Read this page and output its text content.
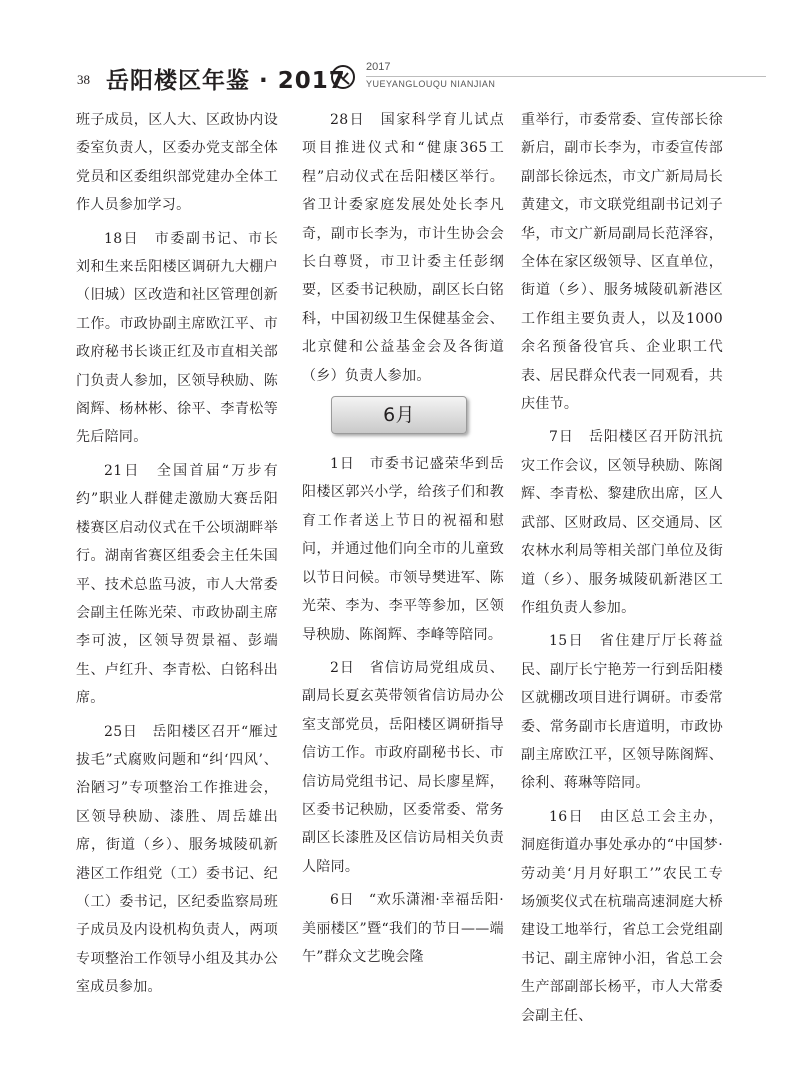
38 岳阳楼区年鉴 · 2017
2017
YUEYANGLOUQU NIANJIAN

班子成员，区人大、区政协内设委室负责人，区委办党支部全体党员和区委组织部党建办全体工作人员参加学习。

18日　市委副书记、市长刘和生来岳阳楼区调研九大棚户（旧城）区改造和社区管理创新工作。市政协副主席欧江平、市政府秘书长谈正红及市直相关部门负责人参加，区领导秧励、陈阁辉、杨林彬、徐平、李青松等先后陪同。

21日　全国首届“万步有约”职业人群健走激励大赛岳阳楼赛区启动仪式在千公顷湖畔举行。湖南省赛区组委会主任朱国平、技术总监马波，市人大常委会副主任陈光荣、市政协副主席李可波，区领导贺景福、彭端生、卢红升、李青松、白铭科出席。

25日　岳阳楼区召开“雁过拔毛”式腐败问题和“纠‘四风’、治陋习”专项整治工作推进会，区领导秧励、漆胜、周岳雄出席，街道（乡）、服务城陵矶新港区工作组党（工）委书记、纪（工）委书记，区纪委监察局班子成员及内设机构负责人，两项专项整治工作领导小组及其办公室成员参加。

28日　国家科学育儿试点项目推进仪式和“健康365工程”启动仪式在岳阳楼区举行。省卫计委家庭发展处处长李凡奇，副市长李为，市计生协会会长白尊贤，市卫计委主任彭纲要，区委书记秧励，副区长白铭科，中国初级卫生保健基金会、北京健和公益基金会及各街道（乡）负责人参加。

6月

1日　市委书记盛荣华到岳阳楼区郭兴小学，给孩子们和教育工作者送上节日的祝福和慰问，并通过他们向全市的儿童致以节日问候。市领导樊进军、陈光荣、李为、李平等参加，区领导秧励、陈阁辉、李峰等陪同。

2日　省信访局党组成员、副局长夏玄英带领省信访局办公室支部党员，岳阳楼区调研指导信访工作。市政府副秘书长、市信访局党组书记、局长廖星辉，区委书记秧励，区委常委、常务副区长漆胜及区信访局相关负责人陪同。

6日　“欢乐潇湘·幸福岳阳·美丽楼区”暨“我们的节日——端午”群众文艺晚会隆

重举行，市委常委、宣传部长徐新启，副市长李为，市委宣传部副部长徐远杰，市文广新局局长黄建文，市文联党组副书记刘子华，市文广新局副局长范泽容，全体在家区级领导、区直单位，街道（乡）、服务城陵矶新港区工作组主要负责人，以及1000余名预备役官兵、企业职工代表、居民群众代表一同观看，共庆佳节。

7日　岳阳楼区召开防汛抗灾工作会议，区领导秧励、陈阁辉、李青松、黎建欣出席，区人武部、区财政局、区交通局、区农林水利局等相关部门单位及街道（乡）、服务城陵矶新港区工作组负责人参加。

15日　省住建厅厅长蒋益民、副厅长宁艳芳一行到岳阳楼区就棚改项目进行调研。市委常委、常务副市长唐道明，市政协副主席欧江平，区领导陈阁辉、徐利、蒋琳等陪同。

16日　由区总工会主办，洞庭街道办事处承办的“中国梦·劳动美‘月月好职工’”农民工专场颁奖仪式在杭瑞高速洞庭大桥建设工地举行，省总工会党组副书记、副主席钟小汨，省总工会生产部副部长杨平，市人大常委会副主任、
